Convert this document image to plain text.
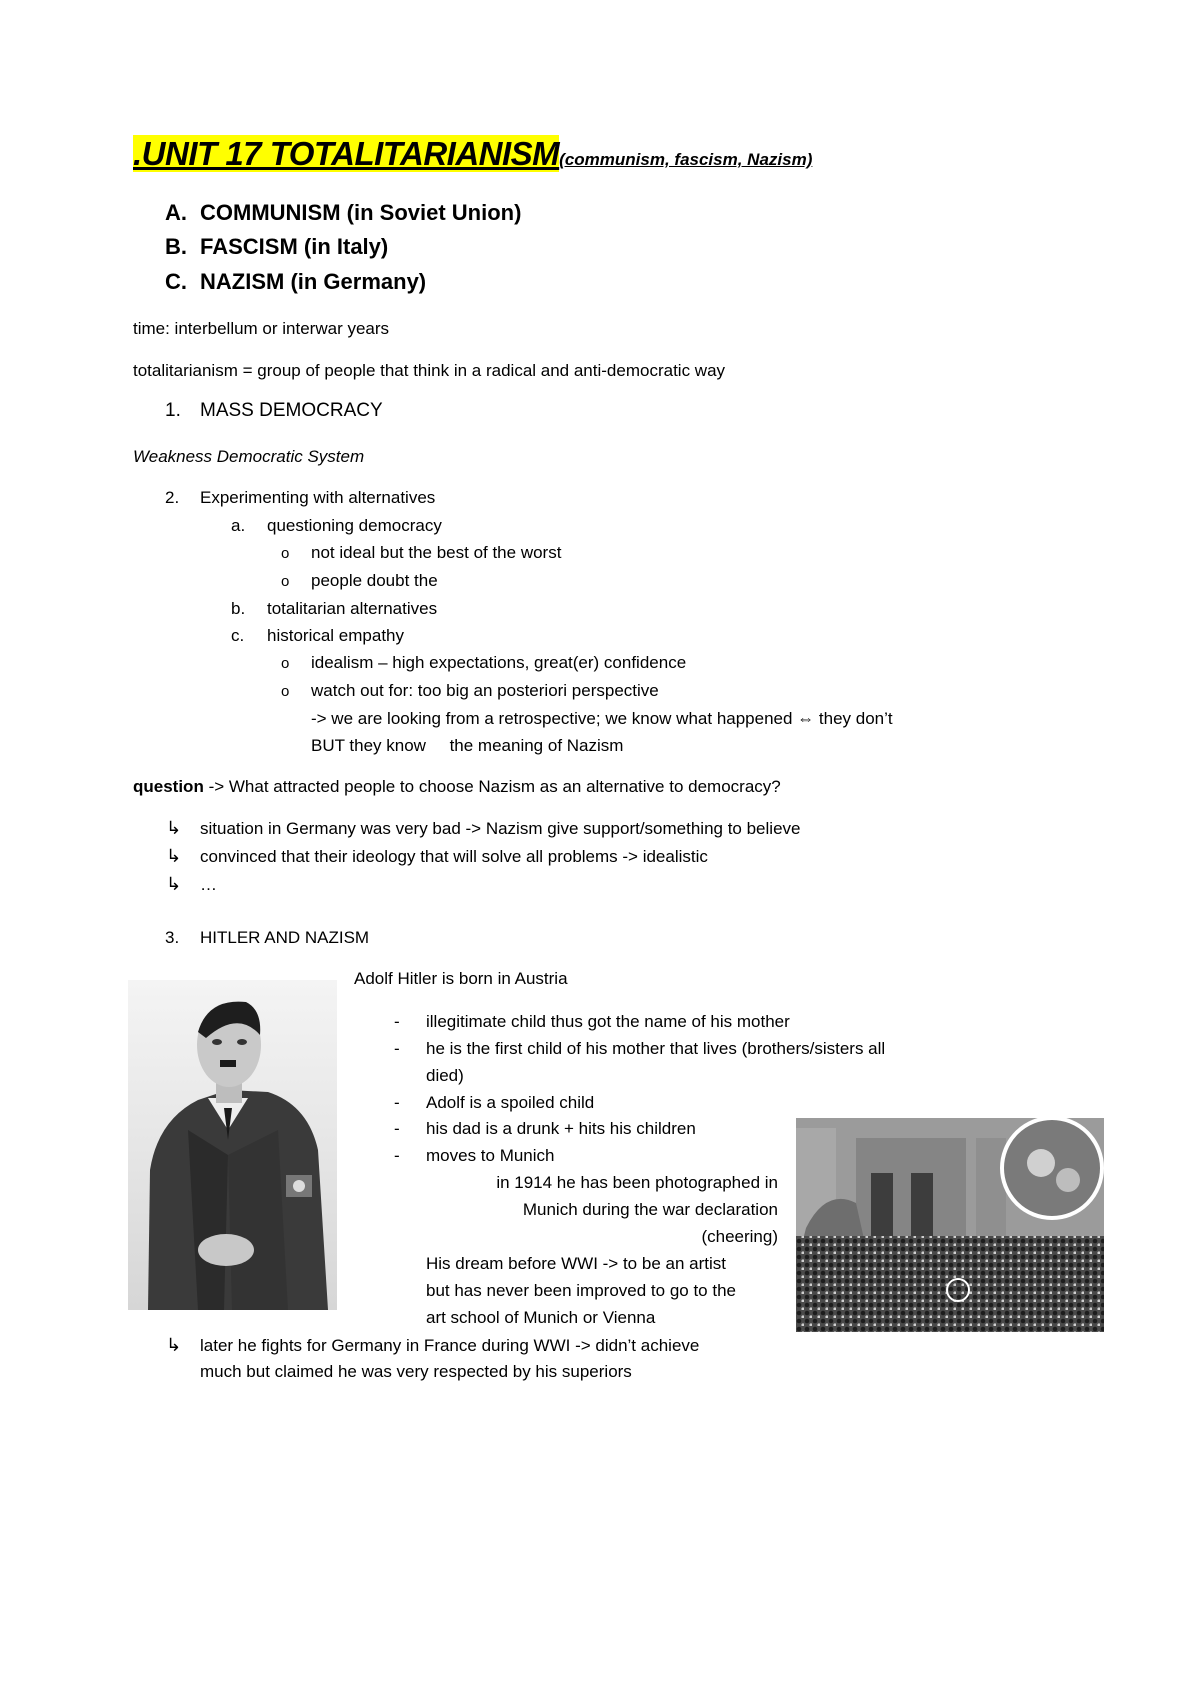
.UNIT 17 TOTALITARIANISM(communism, fascism, Nazism)
A. COMMUNISM (in Soviet Union)
B. FASCISM (in Italy)
C. NAZISM (in Germany)
time: interbellum or interwar years
totalitarianism = group of people that think in a radical and anti-democratic way
1. MASS DEMOCRACY
Weakness Democratic System
2. Experimenting with alternatives
a. questioning democracy
o not ideal but the best of the worst
o people doubt the
b. totalitarian alternatives
c. historical empathy
o idealism – high expectations, great(er) confidence
o watch out for: too big an posteriori perspective
-> we are looking from a retrospective; we know what happened ⇔ they don’t
BUT they know     the meaning of Nazism
question -> What attracted people to choose Nazism as an alternative to democracy?
↳ situation in Germany was very bad -> Nazism give support/something to believe
↳ convinced that their ideology that will solve all problems -> idealistic
↳ …
3. HITLER AND NAZISM
Adolf Hitler is born in Austria
- illegitimate child thus got the name of his mother
- he is the first child of his mother that lives (brothers/sisters all
died)
- Adolf is a spoiled child
- his dad is a drunk + hits his children
- moves to Munich
in 1914 he has been photographed in
Munich during the war declaration
(cheering)
His dream before WWI -> to be an artist
but has never been improved to go to the
art school of Munich or Vienna
↳ later he fights for Germany in France during WWI -> didn’t achieve
much but claimed he was very respected by his superiors
